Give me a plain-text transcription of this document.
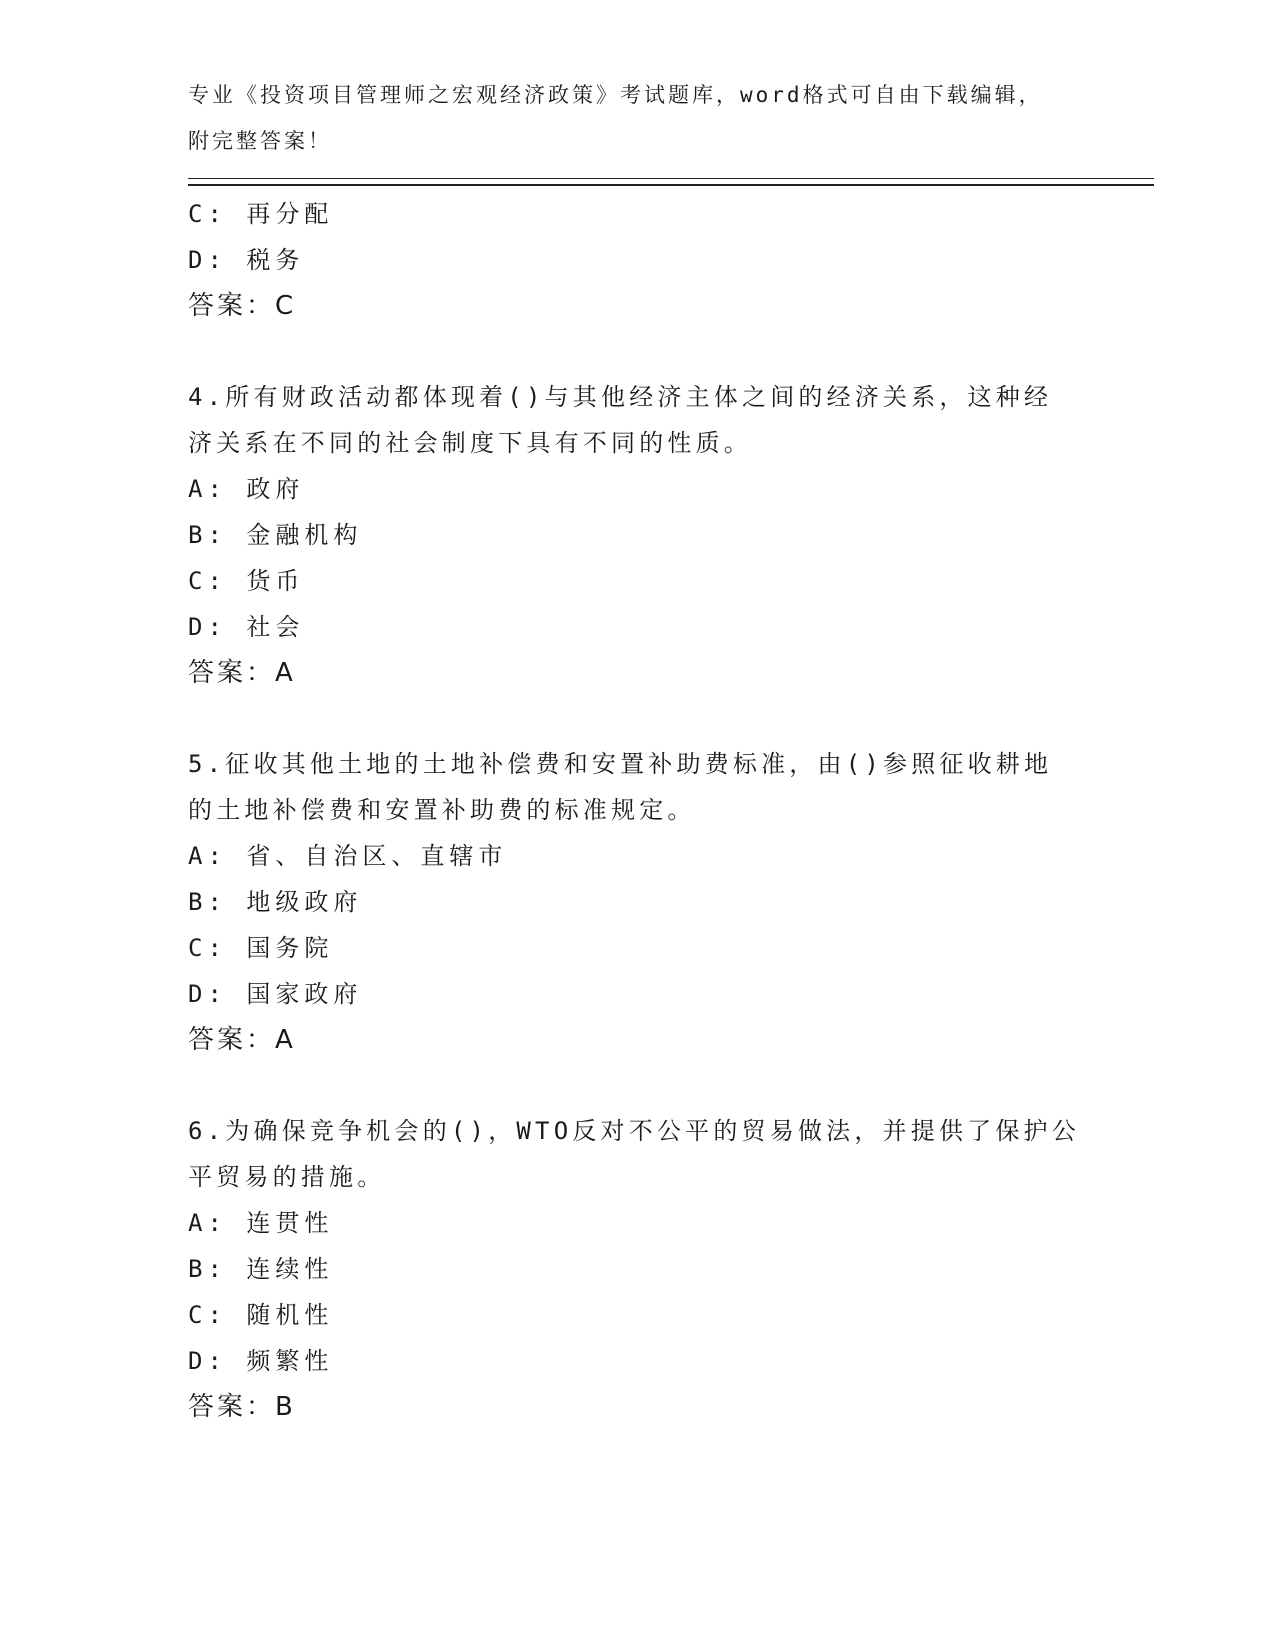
专业《投资项目管理师之宏观经济政策》考试题库，word格式可自由下载编辑，
附完整答案！
C: 再分配
D: 税务
答案：C
4.所有财政活动都体现着()与其他经济主体之间的经济关系，这种经
济关系在不同的社会制度下具有不同的性质。
A: 政府
B: 金融机构
C: 货币
D: 社会
答案：A
5.征收其他土地的土地补偿费和安置补助费标准，由()参照征收耕地
的土地补偿费和安置补助费的标准规定。
A: 省、自治区、直辖市
B: 地级政府
C: 国务院
D: 国家政府
答案：A
6.为确保竞争机会的()，WTO反对不公平的贸易做法，并提供了保护公
平贸易的措施。
A: 连贯性
B: 连续性
C: 随机性
D: 频繁性
答案：B
